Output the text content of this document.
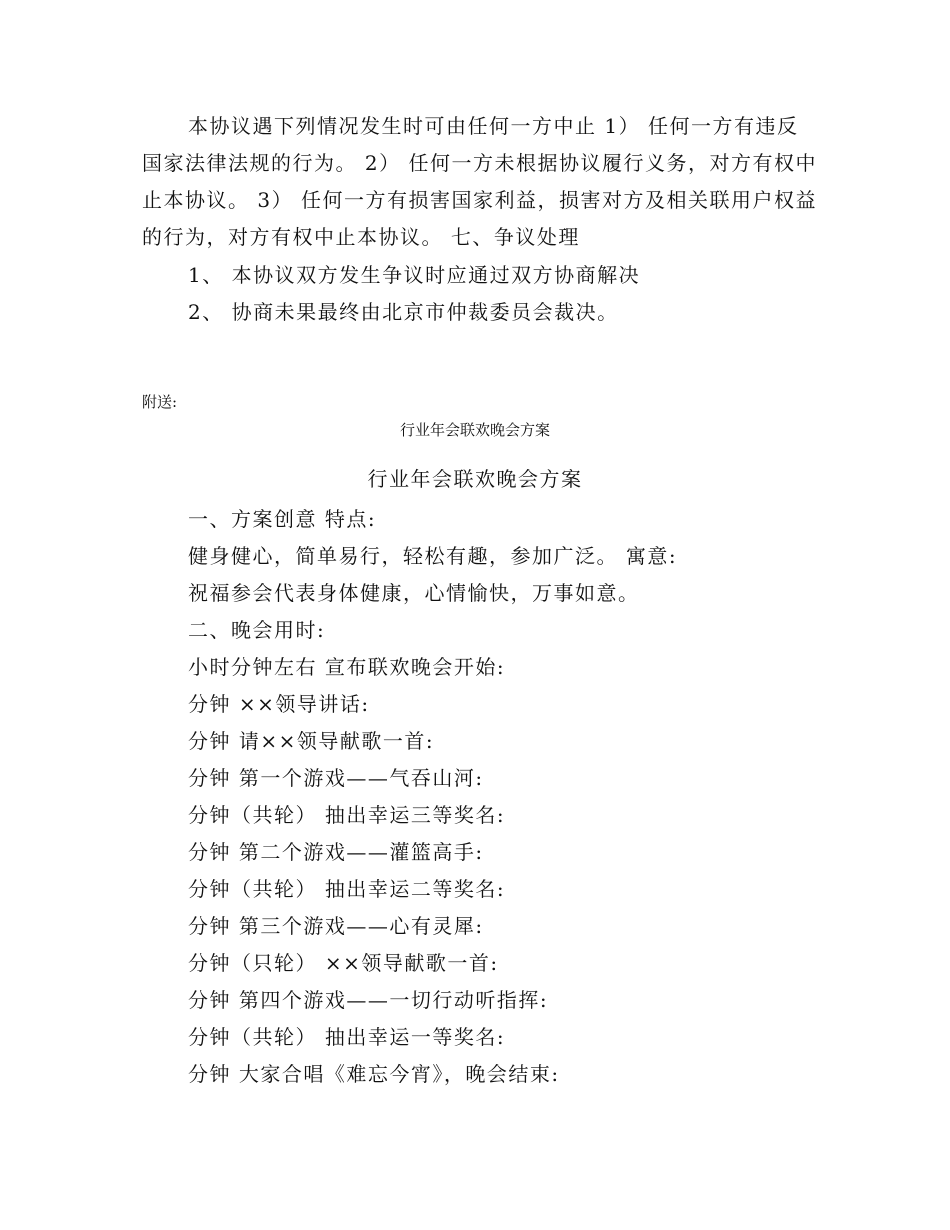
本协议遇下列情况发生时可由任何一方中止 1） 任何一方有违反国家法律法规的行为。 2） 任何一方未根据协议履行义务，对方有权中止本协议。 3） 任何一方有损害国家利益，损害对方及相关联用户权益的行为，对方有权中止本协议。 七、争议处理
1、 本协议双方发生争议时应通过双方协商解决
2、 协商未果最终由北京市仲裁委员会裁决。
附送:
行业年会联欢晚会方案
行业年会联欢晚会方案
一、方案创意 特点:
健身健心，简单易行，轻松有趣，参加广泛。 寓意:
祝福参会代表身体健康，心情愉快，万事如意。
二、晚会用时:
小时分钟左右 宣布联欢晚会开始:
分钟 ××领导讲话:
分钟 请××领导献歌一首:
分钟 第一个游戏——气吞山河:
分钟（共轮） 抽出幸运三等奖名:
分钟 第二个游戏——灌篮高手:
分钟（共轮） 抽出幸运二等奖名:
分钟 第三个游戏——心有灵犀:
分钟（只轮） ××领导献歌一首:
分钟 第四个游戏——一切行动听指挥:
分钟（共轮） 抽出幸运一等奖名:
分钟 大家合唱《难忘今宵》，晚会结束:
